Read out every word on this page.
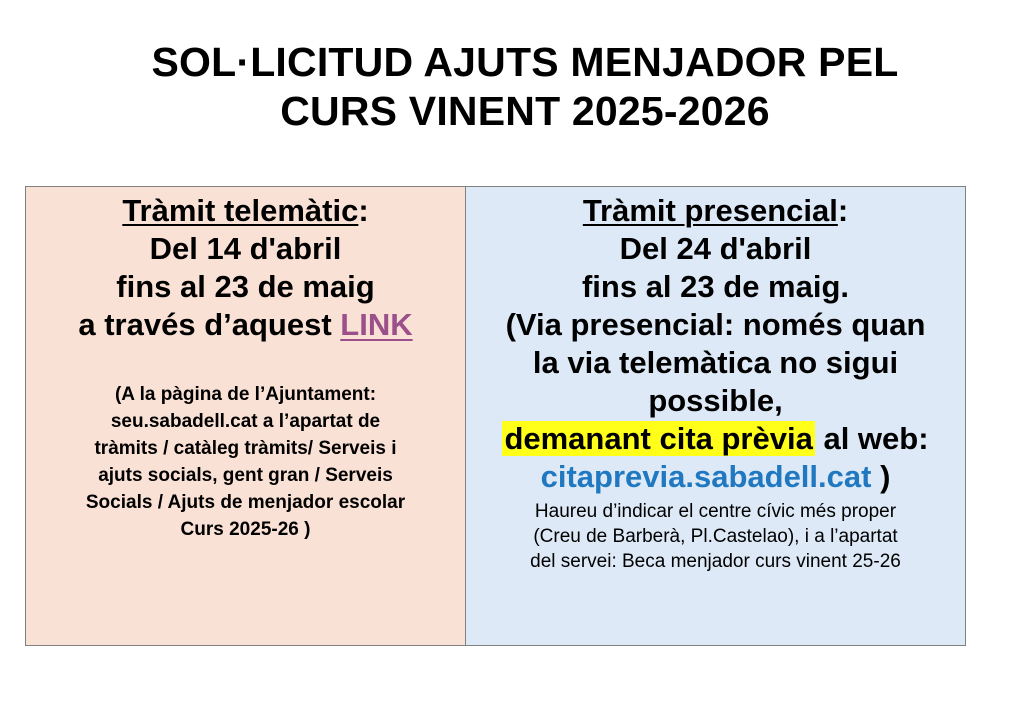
SOL·LICITUD AJUTS MENJADOR PEL
CURS VINENT 2025-2026
Tràmit telemàtic:
Del 14 d'abril
fins al 23 de maig
a través d’aquest LINK
(A la pàgina de l’Ajuntament:
seu.sabadell.cat a l’apartat de
tràmits / catàleg tràmits/ Serveis i
ajuts socials, gent gran / Serveis
Socials / Ajuts de menjador escolar
Curs 2025-26 )
Tràmit presencial:
Del 24 d'abril
fins al 23 de maig.
(Via presencial: només quan
la via telemàtica no sigui
possible,
demanant cita prèvia al web:
citaprevia.sabadell.cat )
Haureu d’indicar el centre cívic més proper
(Creu de Barberà, Pl.Castelao), i a l’apartat
del servei: Beca menjador curs vinent 25-26
